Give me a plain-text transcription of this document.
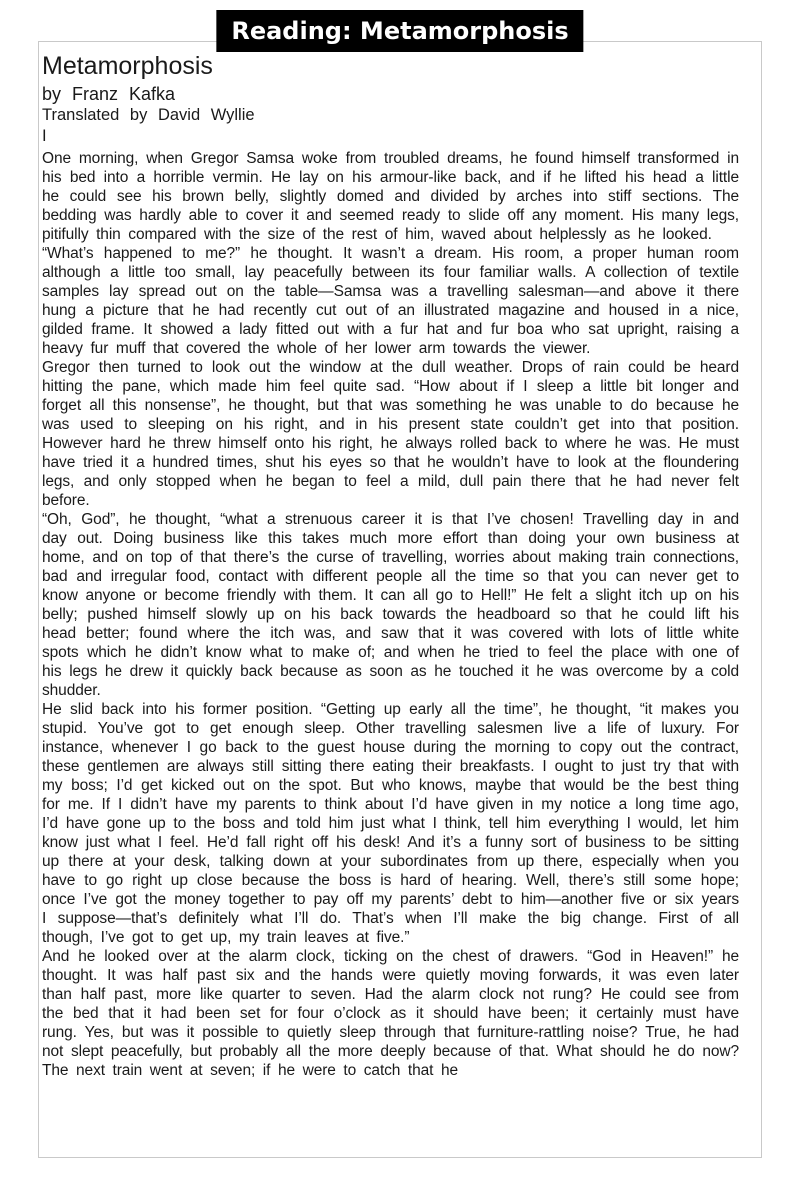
Reading: Metamorphosis
Metamorphosis
by Franz Kafka
Translated by David Wyllie
I

One morning, when Gregor Samsa woke from troubled dreams, he found himself transformed in his bed into a horrible vermin. He lay on his armour-like back, and if he lifted his head a little he could see his brown belly, slightly domed and divided by arches into stiff sections. The bedding was hardly able to cover it and seemed ready to slide off any moment. His many legs, pitifully thin compared with the size of the rest of him, waved about helplessly as he looked.

“What’s happened to me?” he thought. It wasn’t a dream. His room, a proper human room although a little too small, lay peacefully between its four familiar walls. A collection of textile samples lay spread out on the table—Samsa was a travelling salesman—and above it there hung a picture that he had recently cut out of an illustrated magazine and housed in a nice, gilded frame. It showed a lady fitted out with a fur hat and fur boa who sat upright, raising a heavy fur muff that covered the whole of her lower arm towards the viewer.

Gregor then turned to look out the window at the dull weather. Drops of rain could be heard hitting the pane, which made him feel quite sad. “How about if I sleep a little bit longer and forget all this nonsense”, he thought, but that was something he was unable to do because he was used to sleeping on his right, and in his present state couldn’t get into that position. However hard he threw himself onto his right, he always rolled back to where he was. He must have tried it a hundred times, shut his eyes so that he wouldn’t have to look at the floundering legs, and only stopped when he began to feel a mild, dull pain there that he had never felt before.

“Oh, God”, he thought, “what a strenuous career it is that I’ve chosen! Travelling day in and day out. Doing business like this takes much more effort than doing your own business at home, and on top of that there’s the curse of travelling, worries about making train connections, bad and irregular food, contact with different people all the time so that you can never get to know anyone or become friendly with them. It can all go to Hell!” He felt a slight itch up on his belly; pushed himself slowly up on his back towards the headboard so that he could lift his head better; found where the itch was, and saw that it was covered with lots of little white spots which he didn’t know what to make of; and when he tried to feel the place with one of his legs he drew it quickly back because as soon as he touched it he was overcome by a cold shudder.

He slid back into his former position. “Getting up early all the time”, he thought, “it makes you stupid. You’ve got to get enough sleep. Other travelling salesmen live a life of luxury. For instance, whenever I go back to the guest house during the morning to copy out the contract, these gentlemen are always still sitting there eating their breakfasts. I ought to just try that with my boss; I’d get kicked out on the spot. But who knows, maybe that would be the best thing for me. If I didn’t have my parents to think about I’d have given in my notice a long time ago, I’d have gone up to the boss and told him just what I think, tell him everything I would, let him know just what I feel. He’d fall right off his desk! And it’s a funny sort of business to be sitting up there at your desk, talking down at your subordinates from up there, especially when you have to go right up close because the boss is hard of hearing. Well, there’s still some hope; once I’ve got the money together to pay off my parents’ debt to him—another five or six years I suppose—that’s definitely what I’ll do. That’s when I’ll make the big change. First of all though, I’ve got to get up, my train leaves at five.”

And he looked over at the alarm clock, ticking on the chest of drawers. “God in Heaven!” he thought. It was half past six and the hands were quietly moving forwards, it was even later than half past, more like quarter to seven. Had the alarm clock not rung? He could see from the bed that it had been set for four o’clock as it should have been; it certainly must have rung. Yes, but was it possible to quietly sleep through that furniture-rattling noise? True, he had not slept peacefully, but probably all the more deeply because of that. What should he do now? The next train went at seven; if he were to catch that he
